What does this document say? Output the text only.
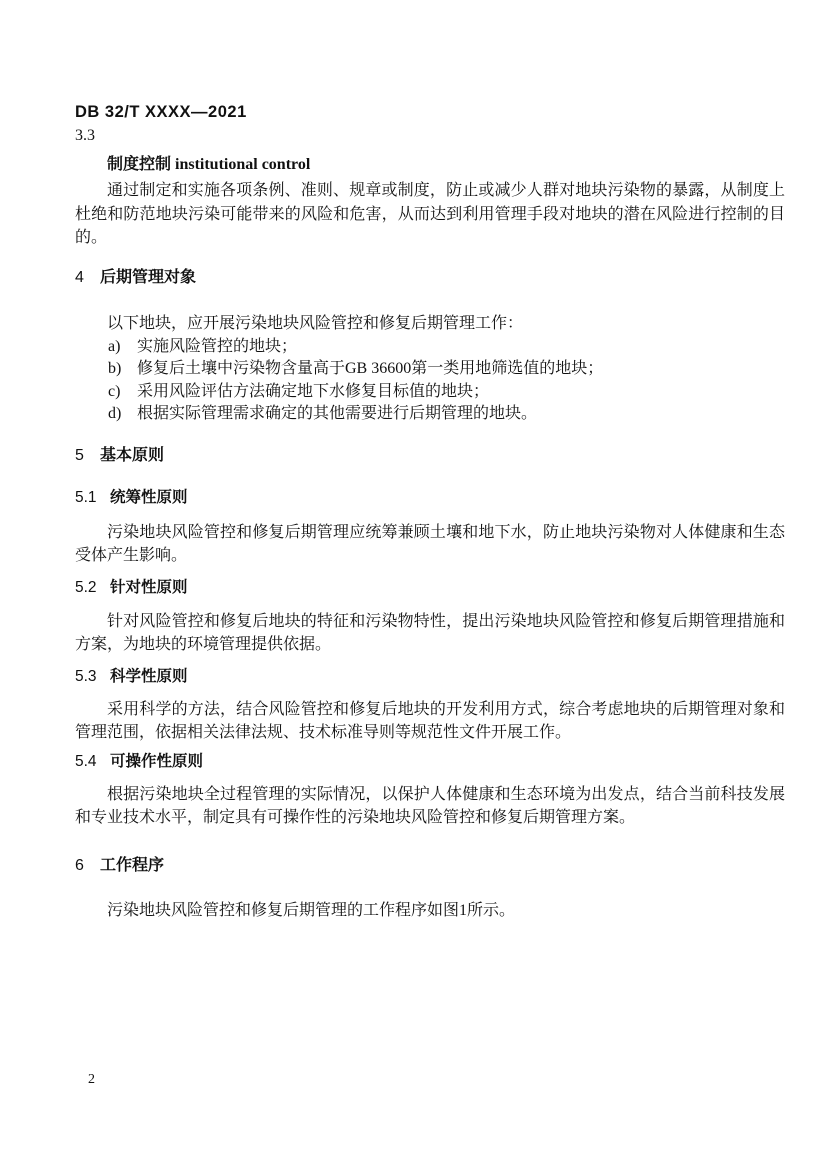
DB 32/T XXXX—2021
3.3
制度控制 institutional control

通过制定和实施各项条例、准则、规章或制度，防止或减少人群对地块污染物的暴露，从制度上杜绝和防范地块污染可能带来的风险和危害，从而达到利用管理手段对地块的潜在风险进行控制的目的。

4 后期管理对象

以下地块，应开展污染地块风险管控和修复后期管理工作：

a) 实施风险管控的地块；
b) 修复后土壤中污染物含量高于GB 36600第一类用地筛选值的地块；
c) 采用风险评估方法确定地下水修复目标值的地块；
d) 根据实际管理需求确定的其他需要进行后期管理的地块。
5 基本原则
5.1 统筹性原则

污染地块风险管控和修复后期管理应统筹兼顾土壤和地下水，防止地块污染物对人体健康和生态受体产生影响。

5.2 针对性原则

针对风险管控和修复后地块的特征和污染物特性，提出污染地块风险管控和修复后期管理措施和方案，为地块的环境管理提供依据。

5.3 科学性原则

采用科学的方法，结合风险管控和修复后地块的开发利用方式，综合考虑地块的后期管理对象和管理范围，依据相关法律法规、技术标准导则等规范性文件开展工作。

5.4 可操作性原则

根据污染地块全过程管理的实际情况，以保护人体健康和生态环境为出发点，结合当前科技发展和专业技术水平，制定具有可操作性的污染地块风险管控和修复后期管理方案。

6 工作程序

污染地块风险管控和修复后期管理的工作程序如图1所示。

2
